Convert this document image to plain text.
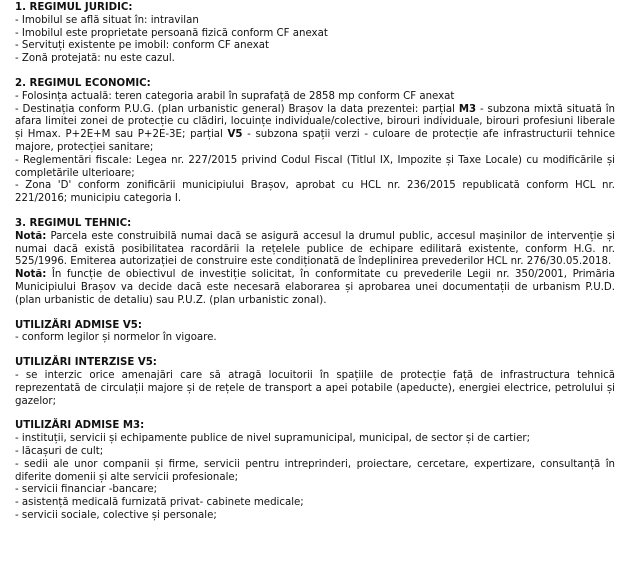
1. REGIMUL JURIDIC:
- Imobilul se află situat în: intravilan
- Imobilul este proprietate persoană fizică conform CF anexat
- Servituți existente pe imobil: conform CF anexat
- Zonă protejată: nu este cazul.
2. REGIMUL ECONOMIC:
- Folosința actuală: teren categoria arabil în suprafață de 2858 mp conform CF anexat
- Destinația conform P.U.G. (plan urbanistic general) Brașov la data prezentei: parțial M3 - subzona mixtă situată în afara limitei zonei de protecție cu clădiri, locuințe individuale/colective, birouri individuale, birouri profesiuni liberale și Hmax. P+2E+M sau P+2E-3E; parțial V5 - subzona spații verzi - culoare de protecție afe infrastructurii tehnice majore, protecției sanitare;
- Reglementări fiscale: Legea nr. 227/2015 privind Codul Fiscal (Titlul IX, Impozite și Taxe Locale) cu modificările și completările ulterioare;
- Zona 'D' conform zonificării municipiului Brașov, aprobat cu HCL nr. 236/2015 republicată conform HCL nr. 221/2016; municipiu categoria I.
3. REGIMUL TEHNIC:
Notă: Parcela este construibilă numai dacă se asigură accesul la drumul public, accesul mașinilor de intervenție și numai dacă există posibilitatea racordării la rețelele publice de echipare edilitară existente, conform H.G. nr. 525/1996. Emiterea autorizației de construire este condiționată de îndeplinirea prevederilor HCL nr. 276/30.05.2018.
Notă: În funcție de obiectivul de investiție solicitat, în conformitate cu prevederile Legii nr. 350/2001, Primăria Municipiului Brașov va decide dacă este necesară elaborarea și aprobarea unei documentații de urbanism P.U.D. (plan urbanistic de detaliu) sau P.U.Z. (plan urbanistic zonal).
UTILIZĂRI ADMISE V5:
- conform legilor și normelor în vigoare.
UTILIZĂRI INTERZISE V5:
- se interzic orice amenajări care să atragă locuitorii în spațiile de protecție față de infrastructura tehnică reprezentată de circulații majore și de rețele de transport a apei potabile (apeducte), energiei electrice, petrolului și gazelor;
UTILIZĂRI ADMISE M3:
- instituții, servicii și echipamente publice de nivel supramunicipal, municipal, de sector și de cartier;
- lăcașuri de cult;
- sedii ale unor companii și firme, servicii pentru intreprinderi, proiectare, cercetare, expertizare, consultanță în diferite domenii și alte servicii profesionale;
- servicii financiar -bancare;
- asistență medicală furnizată privat- cabinete medicale;
- servicii sociale, colective și personale;
